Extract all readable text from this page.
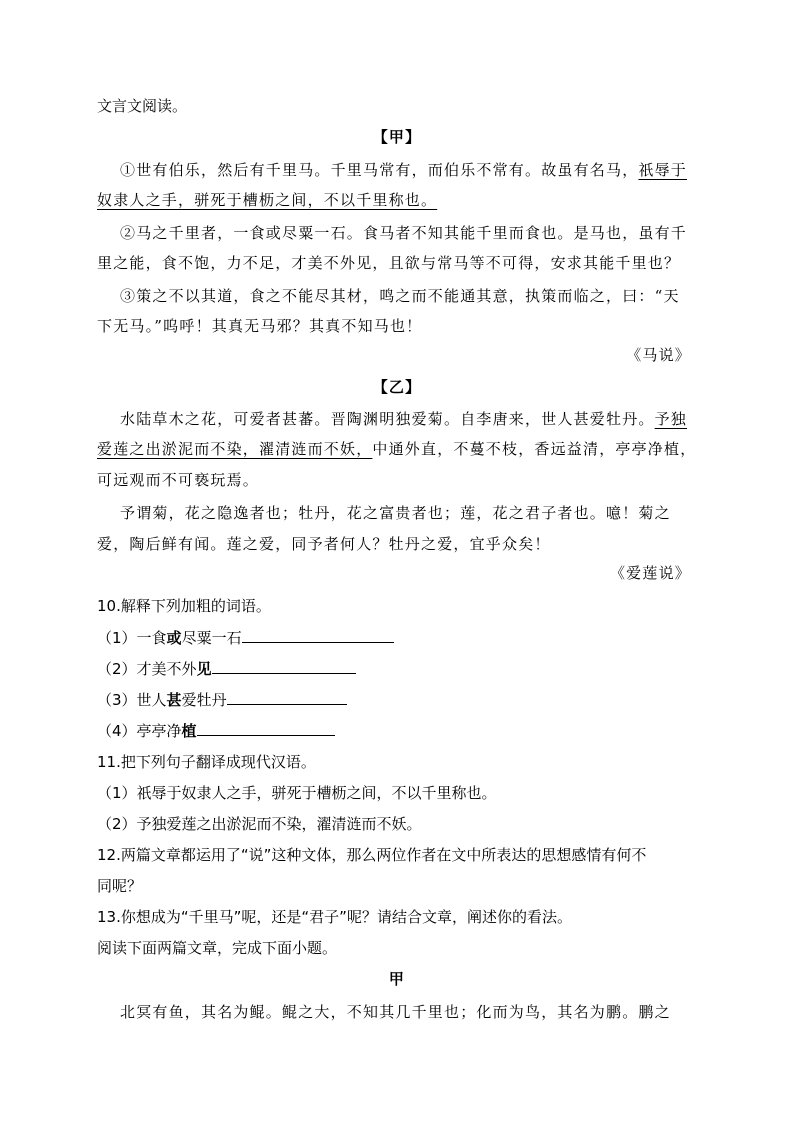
文言文阅读。
【甲】
①世有伯乐，然后有千里马。千里马常有，而伯乐不常有。故虽有名马，祇辱于
奴隶人之手，骈死于槽枥之间，不以千里称也。
②马之千里者，一食或尽粟一石。食马者不知其能千里而食也。是马也，虽有千
里之能，食不饱，力不足，才美不外见，且欲与常马等不可得，安求其能千里也？
③策之不以其道，食之不能尽其材，鸣之而不能通其意，执策而临之，曰：“天
下无马。”呜呼！其真无马邪？其真不知马也！
《马说》
【乙】
水陆草木之花，可爱者甚蕃。晋陶渊明独爱菊。自李唐来，世人甚爱牡丹。予独
爱莲之出淤泥而不染，濯清涟而不妖，中通外直，不蔓不枝，香远益清，亭亭净植，
可远观而不可亵玩焉。
予谓菊，花之隐逸者也；牡丹，花之富贵者也；莲，花之君子者也。噫！菊之
爱，陶后鲜有闻。莲之爱，同予者何人？牡丹之爱，宜乎众矣！
《爱莲说》
10.解释下列加粗的词语。
（1）一食或尽粟一石
（2）才美不外见
（3）世人甚爱牡丹
（4）亭亭净植
11.把下列句子翻译成现代汉语。
（1）祇辱于奴隶人之手，骈死于槽枥之间，不以千里称也。
（2）予独爱莲之出淤泥而不染，濯清涟而不妖。
12.两篇文章都运用了“说”这种文体，那么两位作者在文中所表达的思想感情有何不
同呢？
13.你想成为“千里马”呢，还是“君子”呢？请结合文章，阐述你的看法。
阅读下面两篇文章，完成下面小题。
甲
北冥有鱼，其名为鲲。鲲之大，不知其几千里也；化而为鸟，其名为鹏。鹏之
